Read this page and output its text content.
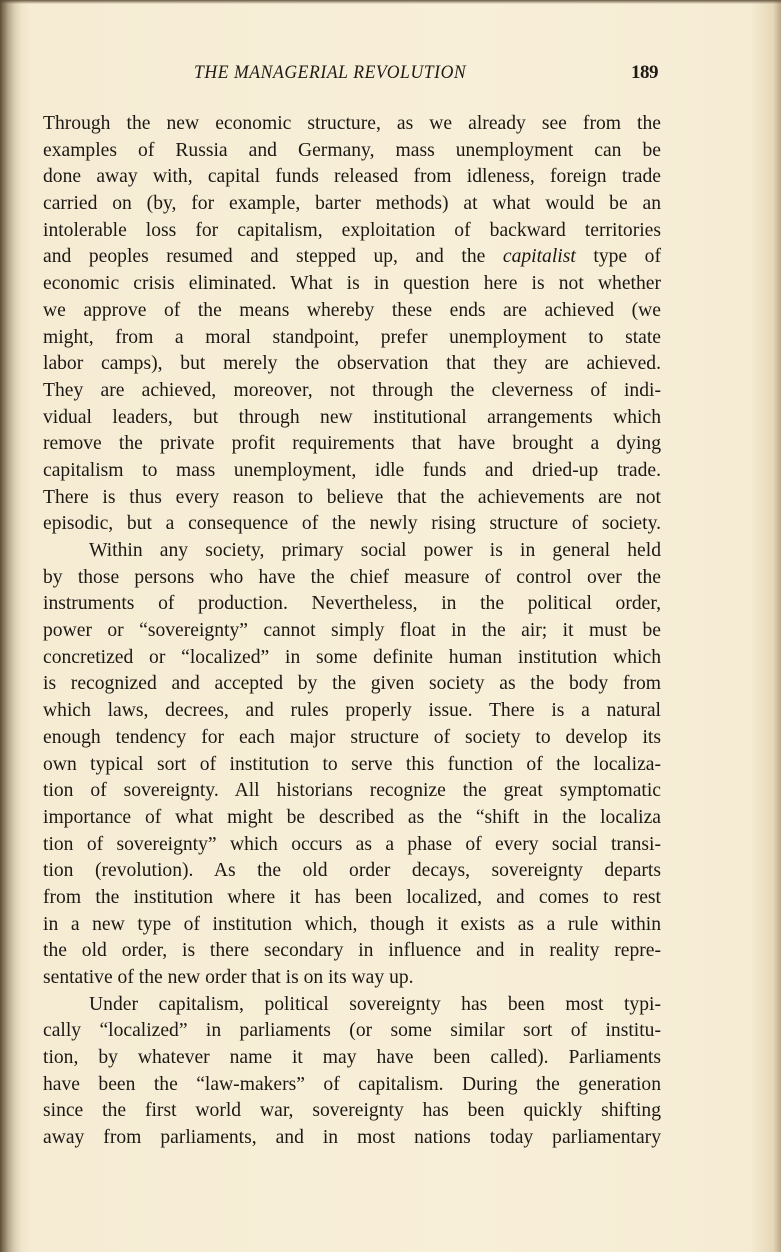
THE MANAGERIAL REVOLUTION	189
Through the new economic structure, as we already see from the
examples of Russia and Germany, mass unemployment can be
done away with, capital funds released from idleness, foreign trade
carried on (by, for example, barter methods) at what would be an
intolerable loss for capitalism, exploitation of backward territories
and peoples resumed and stepped up, and the capitalist type of
economic crisis eliminated. What is in question here is not whether
we approve of the means whereby these ends are achieved (we
might, from a moral standpoint, prefer unemployment to state
labor camps), but merely the observation that they are achieved.
They are achieved, moreover, not through the cleverness of indi-
vidual leaders, but through new institutional arrangements which
remove the private profit requirements that have brought a dying
capitalism to mass unemployment, idle funds and dried-up trade.
There is thus every reason to believe that the achievements are not
episodic, but a consequence of the newly rising structure of society.
Within any society, primary social power is in general held
by those persons who have the chief measure of control over the
instruments of production. Nevertheless, in the political order,
power or “sovereignty” cannot simply float in the air; it must be
concretized or “localized” in some definite human institution which
is recognized and accepted by the given society as the body from
which laws, decrees, and rules properly issue. There is a natural
enough tendency for each major structure of society to develop its
own typical sort of institution to serve this function of the localiza-
tion of sovereignty. All historians recognize the great symptomatic
importance of what might be described as the “shift in the localiza
tion of sovereignty” which occurs as a phase of every social transi-
tion (revolution). As the old order decays, sovereignty departs
from the institution where it has been localized, and comes to rest
in a new type of institution which, though it exists as a rule within
the old order, is there secondary in influence and in reality repre-
sentative of the new order that is on its way up.
Under capitalism, political sovereignty has been most typi-
cally “localized” in parliaments (or some similar sort of institu-
tion, by whatever name it may have been called). Parliaments
have been the “law-makers” of capitalism. During the generation
since the first world war, sovereignty has been quickly shifting
away from parliaments, and in most nations today parliamentary
